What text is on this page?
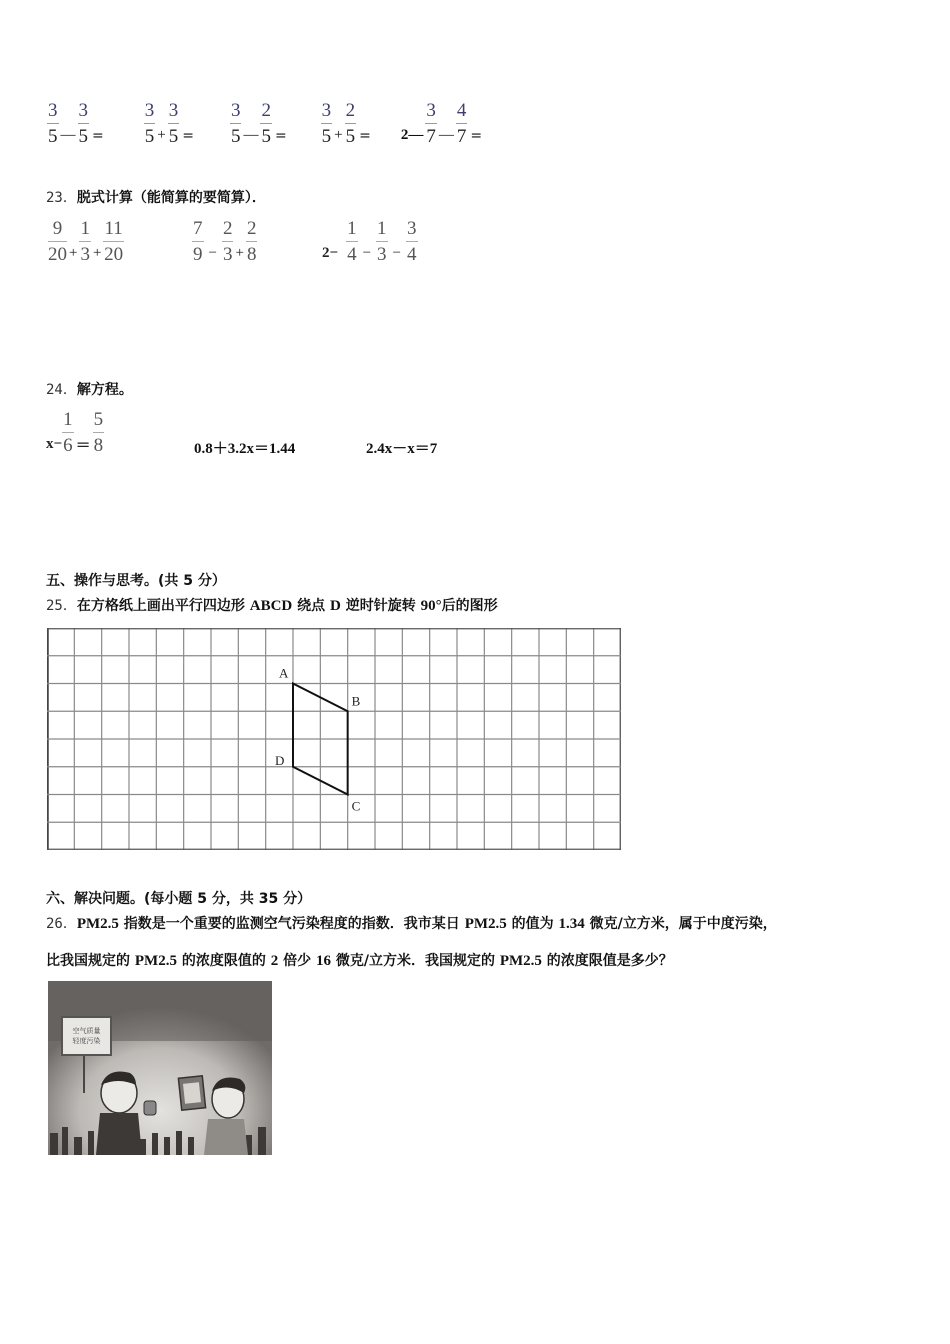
$\frac{3}{5}$ — $\frac{3}{5} = \frac{3}{5} + \frac{3}{5} = \frac{3}{5}$ — $\frac{2}{5} = \frac{3}{5} + \frac{2}{5}$ = 2— $\frac{3}{7}$ — $\frac{4}{7}$ =
23．脱式计算（能简算的要简算）．
$\frac{9}{20} + \frac{1}{3} + \frac{11}{20}$	$\frac{7}{9} - \frac{2}{3} + \frac{2}{8}$	$2- \frac{1}{4} - \frac{1}{3} - \frac{3}{4}$
24．解方程。
$x- \frac{1}{6} = \frac{5}{8}$	0.8＋3.2x＝1.44	2.4x－x＝7
五、操作与思考。(共 5 分）
25．在方格纸上画出平行四边形 ABCD 绕点 D 逆时针旋转 90°后的图形
A
B
C
D
六、解决问题。(每小题 5 分，共 35 分）
26．PM2.5 指数是一个重要的监测空气污染程度的指数．我市某日 PM2.5 的值为 1.34 微克/立方米，属于中度污染，
比我国规定的 PM2.5 的浓度限值的 2 倍少 16 微克/立方米．我国规定的 PM2.5 的浓度限值是多少？
空气质量
轻度污染
